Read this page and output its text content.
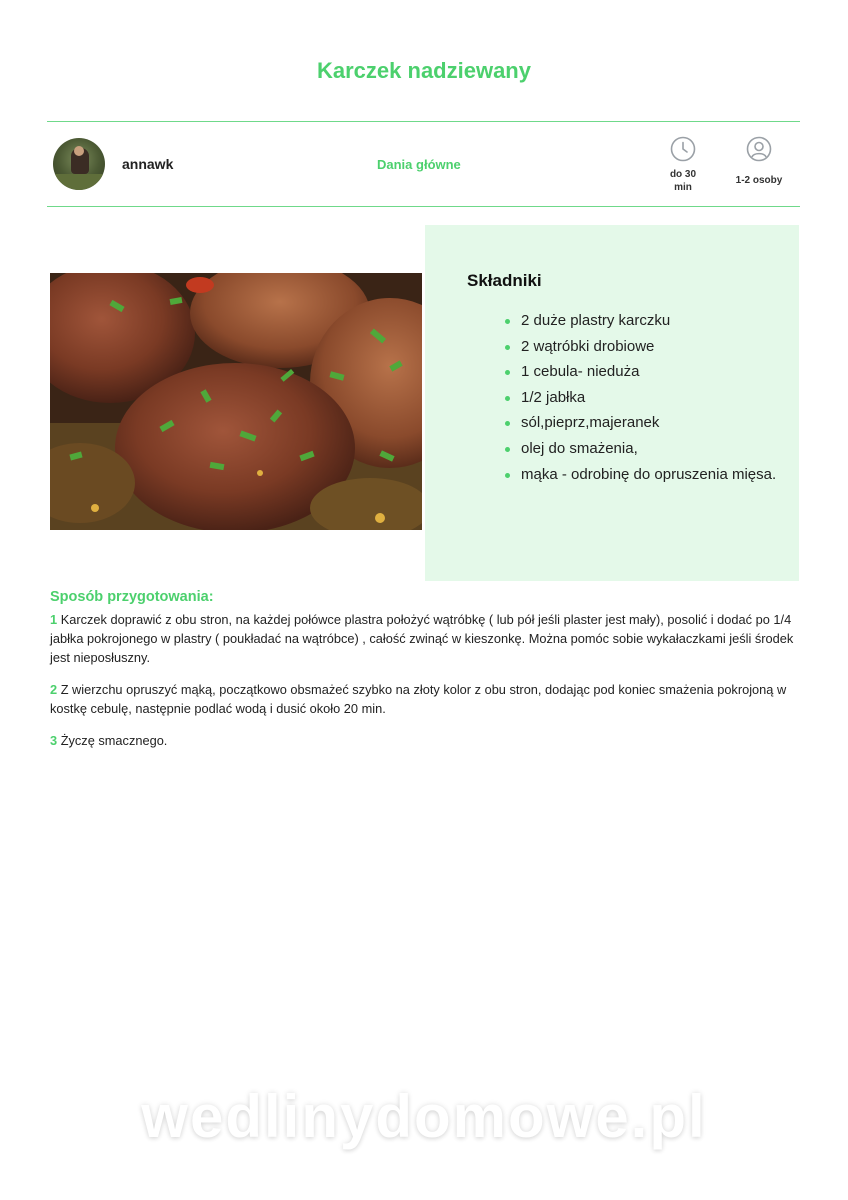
Karczek nadziewany
annawk	Dania główne
do 30
min
1-2 osoby
Składniki
2 duże plastry karczku
2 wątróbki drobiowe
1 cebula- nieduża
1/2 jabłka
sól,pieprz,majeranek
olej do smażenia,
mąka - odrobinę do opruszenia mięsa.
Sposób przygotowania:

1 Karczek doprawić z obu stron, na każdej połówce plastra położyć wątróbkę ( lub pół jeśli plaster jest mały), posolić i dodać po 1/4 jabłka pokrojonego w plastry ( poukładać na wątróbce) , całość zwinąć w kieszonkę. Można pomóc sobie wykałaczkami jeśli środek jest nieposłuszny.

2 Z wierzchu opruszyć mąką, początkowo obsmażeć szybko na złoty kolor z obu stron, dodając pod koniec smażenia pokrojoną w kostkę cebulę, następnie podlać wodą i dusić około 20 min.

3 Życzę smacznego.

wedlinydomowe.pl
